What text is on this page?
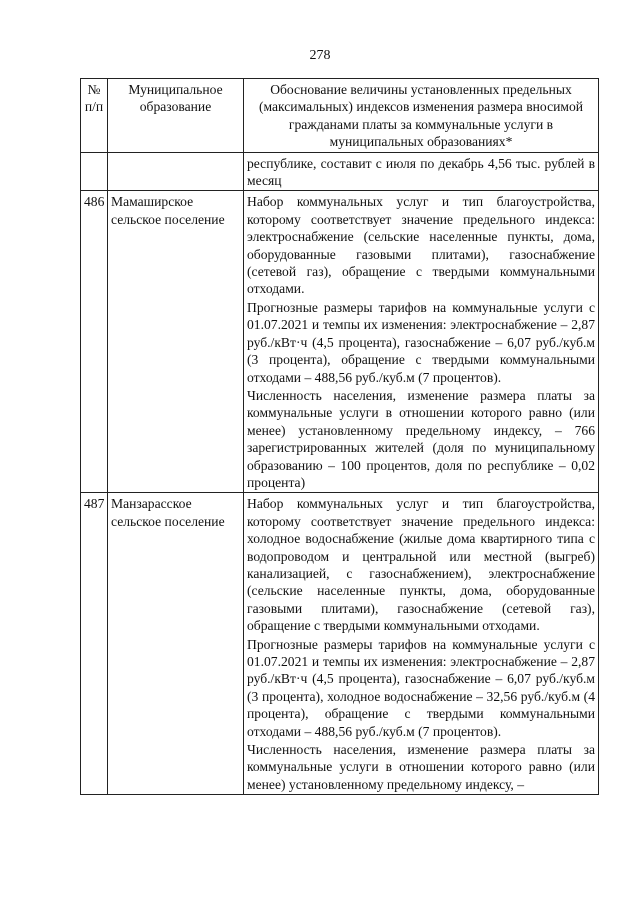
278
№ п/п	Муниципальное образование	Обоснование величины установленных предельных (максимальных) индексов изменения размера вносимой гражданами платы за коммунальные услуги в муниципальных образованиях*

		республике, составит с июля по декабрь 4,56 тыс. рублей в месяц

486	Мамаширское сельское поселение	Набор коммунальных услуг и тип благоустройства, которому соответствует значение предельного индекса: электроснабжение (сельские населенные пункты, дома, оборудованные газовыми плитами), газоснабжение (сетевой газ), обращение с твердыми коммунальными отходами.

Прогнозные размеры тарифов на коммунальные услуги с 01.07.2021 и темпы их изменения: электроснабжение – 2,87 руб./кВт·ч (4,5 процента), газоснабжение – 6,07 руб./куб.м (3 процента), обращение с твердыми коммунальными отходами – 488,56 руб./куб.м (7 процентов).

Численность населения, изменение размера платы за коммунальные услуги в отношении которого равно (или менее) установленному предельному индексу, – 766 зарегистрированных жителей (доля по муниципальному образованию – 100 процентов, доля по республике – 0,02 процента)

487	Манзарасское сельское поселение	Набор коммунальных услуг и тип благоустройства, которому соответствует значение предельного индекса: холодное водоснабжение (жилые дома квартирного типа с водопроводом и центральной или местной (выгреб) канализацией, с газоснабжением), электроснабжение (сельские населенные пункты, дома, оборудованные газовыми плитами), газоснабжение (сетевой газ), обращение с твердыми коммунальными отходами.

Прогнозные размеры тарифов на коммунальные услуги с 01.07.2021 и темпы их изменения: электроснабжение – 2,87 руб./кВт·ч (4,5 процента), газоснабжение – 6,07 руб./куб.м (3 процента), холодное водоснабжение – 32,56 руб./куб.м (4 процента), обращение с твердыми коммунальными отходами – 488,56 руб./куб.м (7 процентов).

Численность населения, изменение размера платы за коммунальные услуги в отношении которого равно (или менее) установленному предельному индексу, –
